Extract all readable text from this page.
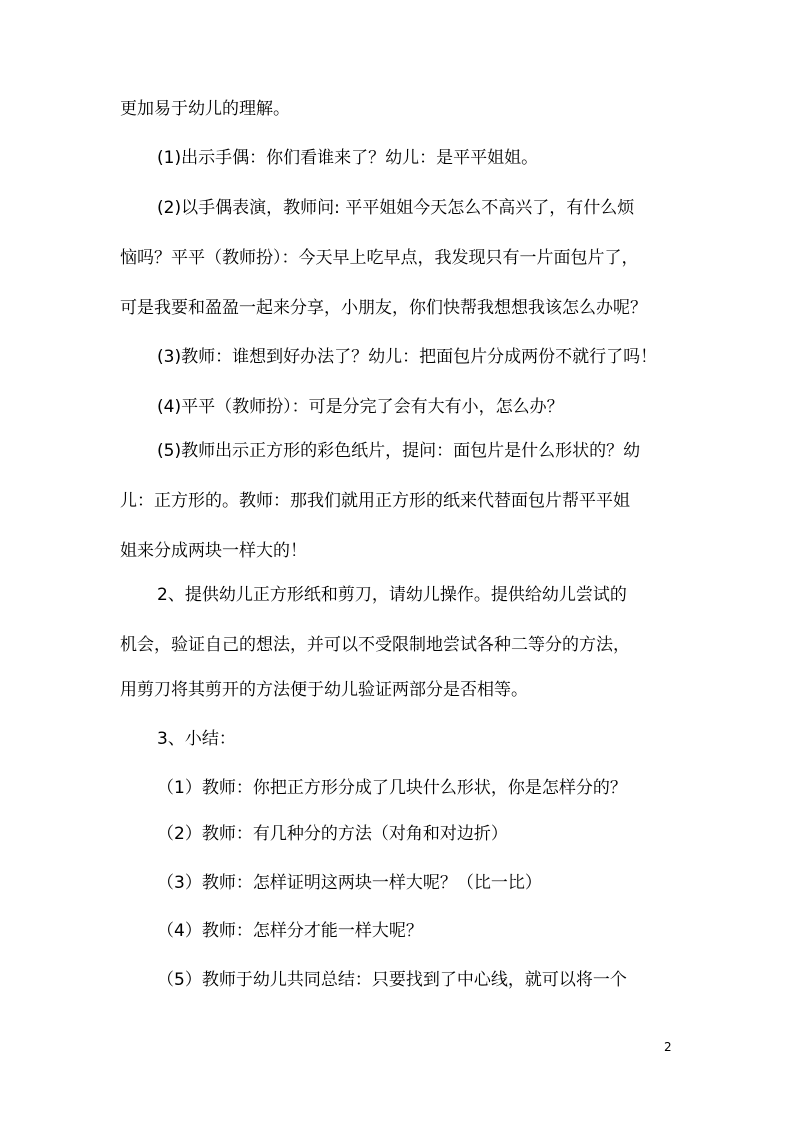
更加易于幼儿的理解。
(1)出示手偶：你们看谁来了？幼儿：是平平姐姐。
(2)以手偶表演，教师问: 平平姐姐今天怎么不高兴了，有什么烦
恼吗？平平（教师扮）：今天早上吃早点，我发现只有一片面包片了，
可是我要和盈盈一起来分享，小朋友，你们快帮我想想我该怎么办呢？
(3)教师：谁想到好办法了？幼儿：把面包片分成两份不就行了吗！
(4)平平（教师扮）：可是分完了会有大有小，怎么办？
(5)教师出示正方形的彩色纸片，提问：面包片是什么形状的？幼
儿：正方形的。教师：那我们就用正方形的纸来代替面包片帮平平姐
姐来分成两块一样大的！
2、提供幼儿正方形纸和剪刀，请幼儿操作。提供给幼儿尝试的
机会，验证自己的想法，并可以不受限制地尝试各种二等分的方法，
用剪刀将其剪开的方法便于幼儿验证两部分是否相等。
3、小结：
（1）教师：你把正方形分成了几块什么形状，你是怎样分的？
（2）教师：有几种分的方法（对角和对边折）
（3）教师：怎样证明这两块一样大呢？（比一比）
（4）教师：怎样分才能一样大呢？
（5）教师于幼儿共同总结：只要找到了中心线，就可以将一个
2
